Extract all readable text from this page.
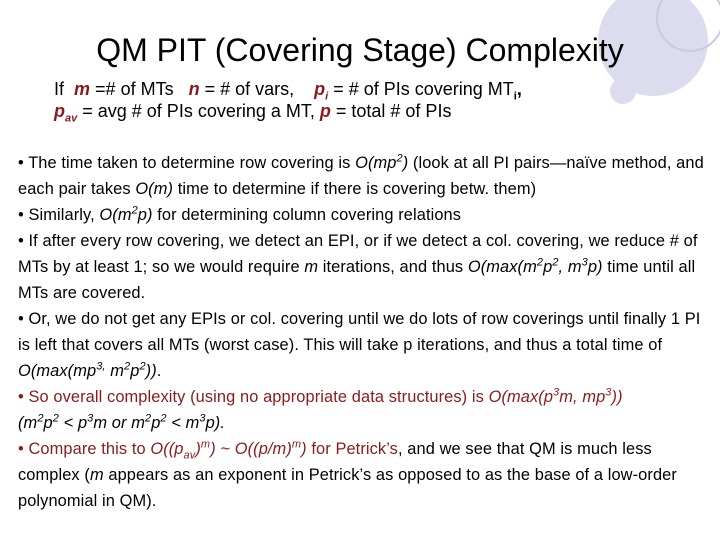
QM PIT (Covering Stage) Complexity
If m =# of MTs n = # of vars, $p_i$ = # of PIs covering $MT_i$,
$p_{av}$ = avg # of PIs covering a MT, p = total # of PIs
• The time taken to determine row covering is $O(mp^2)$ (look at all PI pairs—naïve method, and each pair takes O(m) time to determine if there is covering betw. them)
• Similarly, $O(m^2p)$ for determining column covering relations
• If after every row covering, we detect an EPI, or if we detect a col. covering, we reduce # of MTs by at least 1; so we would require m iterations, and thus $O(\max(m^2p^2$, $m^3p$) time until all MTs are covered.
• Or, we do not get any EPIs or col. covering until we do lots of row coverings until finally 1 PI is left that covers all MTs (worst case). This will take p iterations, and thus a total time of $O(\max(mp^{3,}$ $m^2p^2$)).
• So overall complexity (using no appropriate data structures) is $O(\max(p^3m$, $mp^3$))
($m^2p^2 < p^3m$ or $m^2p^2 < m^3p$).
• Compare this to $O((p_{av})^m)$ ~ $O((p/m)^m)$ for Petrick’s, and we see that QM is much less complex (m appears as an exponent in Petrick’s as opposed to as the base of a low-order polynomial in QM).
